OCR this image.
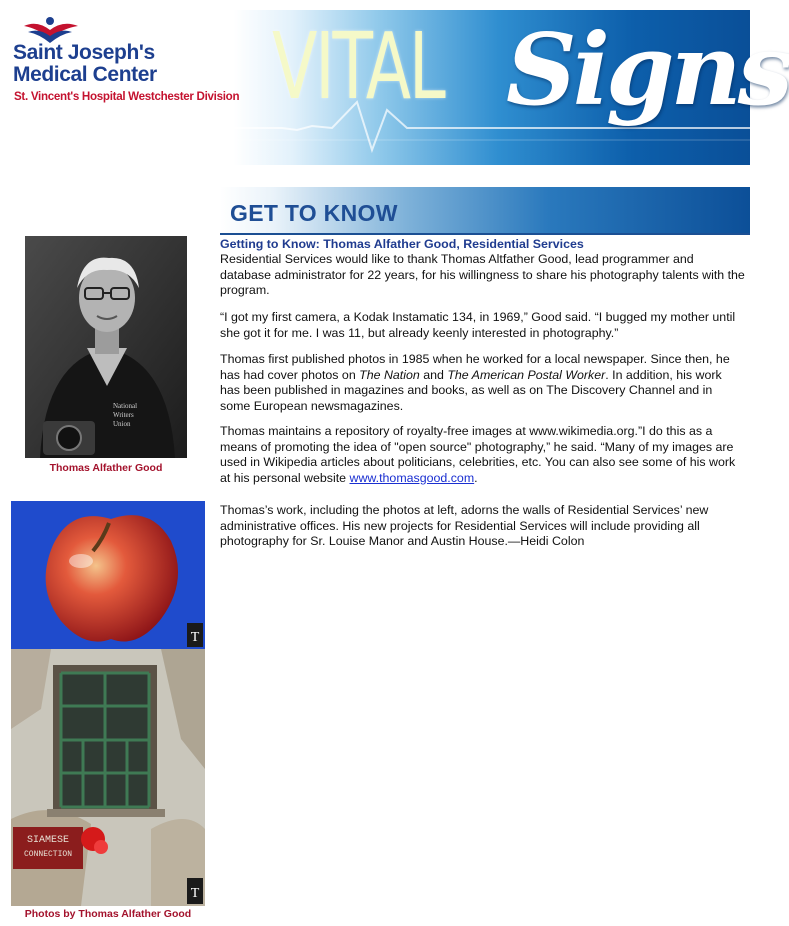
Saint Joseph's
Medical Center
St. Vincent's Hospital Westchester Division VITAL Signs
GET TO KNOW
National
Writers
Union
Thomas Alfather Good
T
SIAMESE
CONNECTION
T
Photos by Thomas Alfather Good

Getting to Know: Thomas Alfather Good, Residential Services

Residential Services would like to thank Thomas Altfather Good, lead programmer and database administrator for 22 years, for his willingness to share his photography talents with the program.

“I got my first camera, a Kodak Instamatic 134, in 1969,” Good said. “I bugged my mother until she got it for me. I was 11, but already keenly interested in photography.”

Thomas first published photos in 1985 when he worked for a local newspaper. Since then, he has had cover photos on The Nation and The American Postal Worker. In addition, his work has been published in magazines and books, as well as on The Discovery Channel and in some European newsmagazines.

Thomas maintains a repository of royalty-free images at www.wikimedia.org.”I do this as a means of promoting the idea of "open source" photography,” he said. “Many of my images are used in Wikipedia articles about politicians, celebrities, etc. You can also see some of his work at his personal website www.thomasgood.com.

Thomas’s work, including the photos at left, adorns the walls of Residential Services’ new administrative offices. His new projects for Residential Services will include providing all photography for Sr. Louise Manor and Austin House.—Heidi Colon
